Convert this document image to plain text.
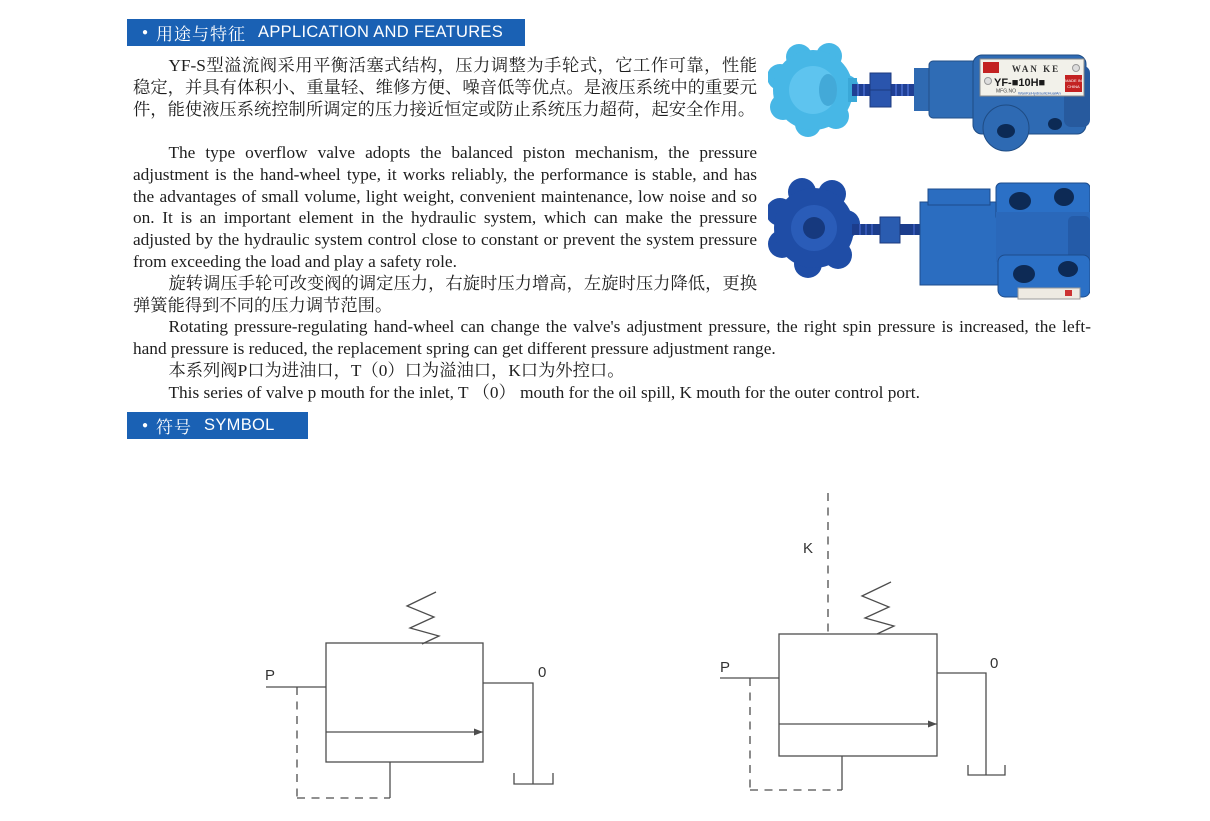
● 用途与特征 APPLICATION AND FEATURES

YF-S型溢流阀采用平衡活塞式结构，压力调整为手轮式，它工作可靠，性能稳定，并具有体积小、重量轻、维修方便、噪音低等优点。是液压系统中的重要元件，能使液压系统控制所调定的压力接近恒定或防止系统压力超荷，起安全作用。

The type overflow valve adopts the balanced piston mechanism, the pressure adjustment is the hand-wheel type, it works reliably, the performance is stable, and has the advantages of small volume, light weight, convenient maintenance, low noise and so on. It is an important element in the hydraulic system, which can make the pressure adjusted by the hydraulic system control close to constant or prevent the system pressure from exceeding the load and play a safety role.

旋转调压手轮可改变阀的调定压力，右旋时压力增高，左旋时压力降低，更换弹簧能得到不同的压力调节范围。

Rotating pressure-regulating hand-wheel can change the valve's adjustment pressure, the right spin pressure is increased, the left-hand pressure is reduced, the replacement spring can get different pressure adjustment range.

本系列阀P口为进油口，T（0）口为溢油口，K口为外控口。

This series of valve p mouth for the inlet, T （0） mouth for the oil spill, K mouth for the outer control port.

WAN KE
YF-■10H■
MFG.NO WanKeHydraulicHuaiAn
MADE IN
CHINA
● 符号 SYMBOL
P	0
K
P	0
